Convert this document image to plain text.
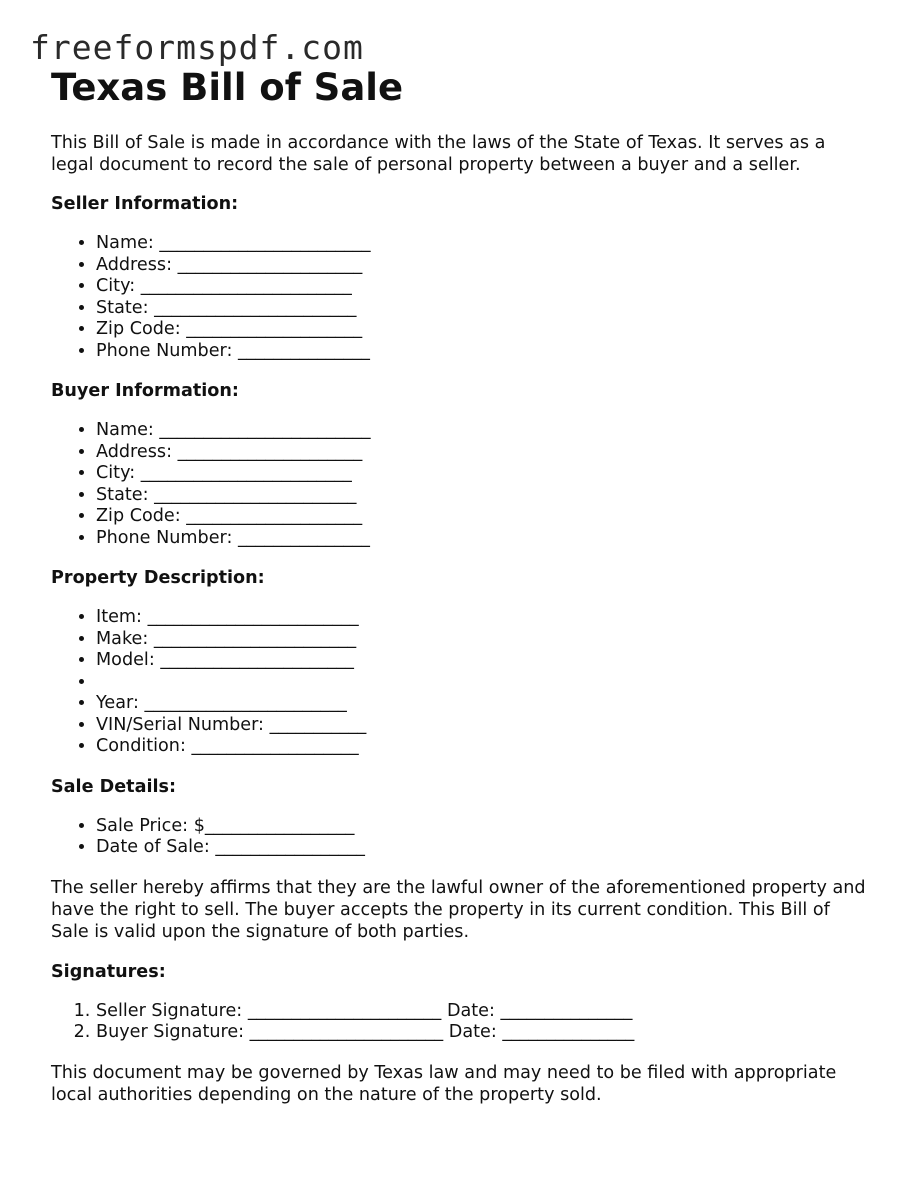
freeformspdf.com
Texas Bill of Sale

This Bill of Sale is made in accordance with the laws of the State of Texas. It serves as a legal document to record the sale of personal property between a buyer and a seller.

Seller Information:
• Name: ________________________
• Address: _____________________
• City: ________________________
• State: _______________________
• Zip Code: ____________________
• Phone Number: _______________
Buyer Information:
• Name: ________________________
• Address: _____________________
• City: ________________________
• State: _______________________
• Zip Code: ____________________
• Phone Number: _______________
Property Description:
• Item: ________________________
• Make: _______________________
• Model: ______________________
•
• Year: _______________________
• VIN/Serial Number: ___________
• Condition: ___________________
Sale Details:
• Sale Price: $_________________
• Date of Sale: _________________

The seller hereby affirms that they are the lawful owner of the aforementioned property and have the right to sell. The buyer accepts the property in its current condition. This Bill of Sale is valid upon the signature of both parties.

Signatures:
1. Seller Signature: ______________________ Date: _______________
2. Buyer Signature: ______________________ Date: _______________

This document may be governed by Texas law and may need to be filed with appropriate local authorities depending on the nature of the property sold.
